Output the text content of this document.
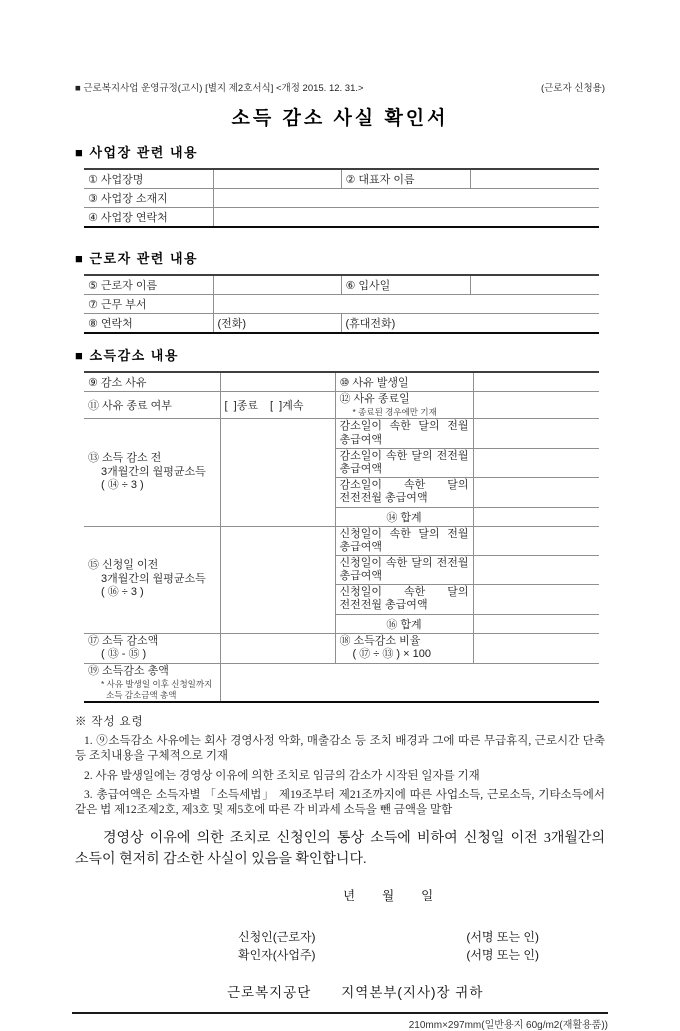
■ 근로복지사업 운영규정(고시) [별지 제2호서식] <개정 2015. 12. 31.>	(근로자 신청용)
소득 감소 사실 확인서
■ 사업장 관련 내용
① 사업장명		② 대표자 이름	
③ 사업장 소재지			
④ 사업장 연락처			
■ 근로자 관련 내용
⑤ 근로자 이름		⑥ 입사일	
⑦ 근무 부서			
⑧ 연락처	(전화)	(휴대전화)	
■ 소득감소 내용
⑨ 감소 사유		⑩ 사유 발생일	
⑪ 사유 종료 여부	[  ]종료 [  ]계속	⑫ 사유 종료일
* 종료된 경우에만 기재	

⑬ 소득 감소 전
3개월간의 월평균소득
( ⑭ ÷ 3 )		감소일이 속한 달의 전월 총급여액	
		감소일이 속한 달의 전전월 총급여액	
		감소일이 속한 달의 전전전월 총급여액	
		⑭ 합계	
⑮ 신청일 이전
3개월간의 월평균소득
( ⑯ ÷ 3 )		신청일이 속한 달의 전월 총급여액	
		신청일이 속한 달의 전전월 총급여액	
		신청일이 속한 달의 전전전월 총급여액	
		⑯ 합계	
⑰ 소득 감소액
( ⑬ - ⑮ )		⑱ 소득감소 비율
( ⑰ ÷ ⑬ ) × 100	

⑲ 소득감소 총액
* 사유 발생일 이후 신청일까지
소득 감소금액 총액			

※ 작성 요령
1. ⑨소득감소 사유에는 회사 경영사정 악화, 매출감소 등 조치 배경과 그에 따른 무급휴직, 근로시간 단축 등 조치내용을 구체적으로 기재
2. 사유 발생일에는 경영상 이유에 의한 조치로 임금의 감소가 시작된 일자를 기재
3. 총급여액은 소득자별 「소득세법」 제19조부터 제21조까지에 따른 사업소득, 근로소득, 기타소득에서 같은 법 제12조제2호, 제3호 및 제5호에 따른 각 비과세 소득을 뺀 금액을 말함
경영상 이유에 의한 조치로 신청인의 통상 소득에 비하여 신청일 이전 3개월간의 소득이 현저히 감소한 사실이 있음을 확인합니다.
년 월 일
신청인(근로자)	(서명 또는 인)
확인자(사업주)	(서명 또는 인)
근로복지공단 지역본부(지사)장 귀하
210mm×297mm(일반용지 60g/m2(재활용품))
